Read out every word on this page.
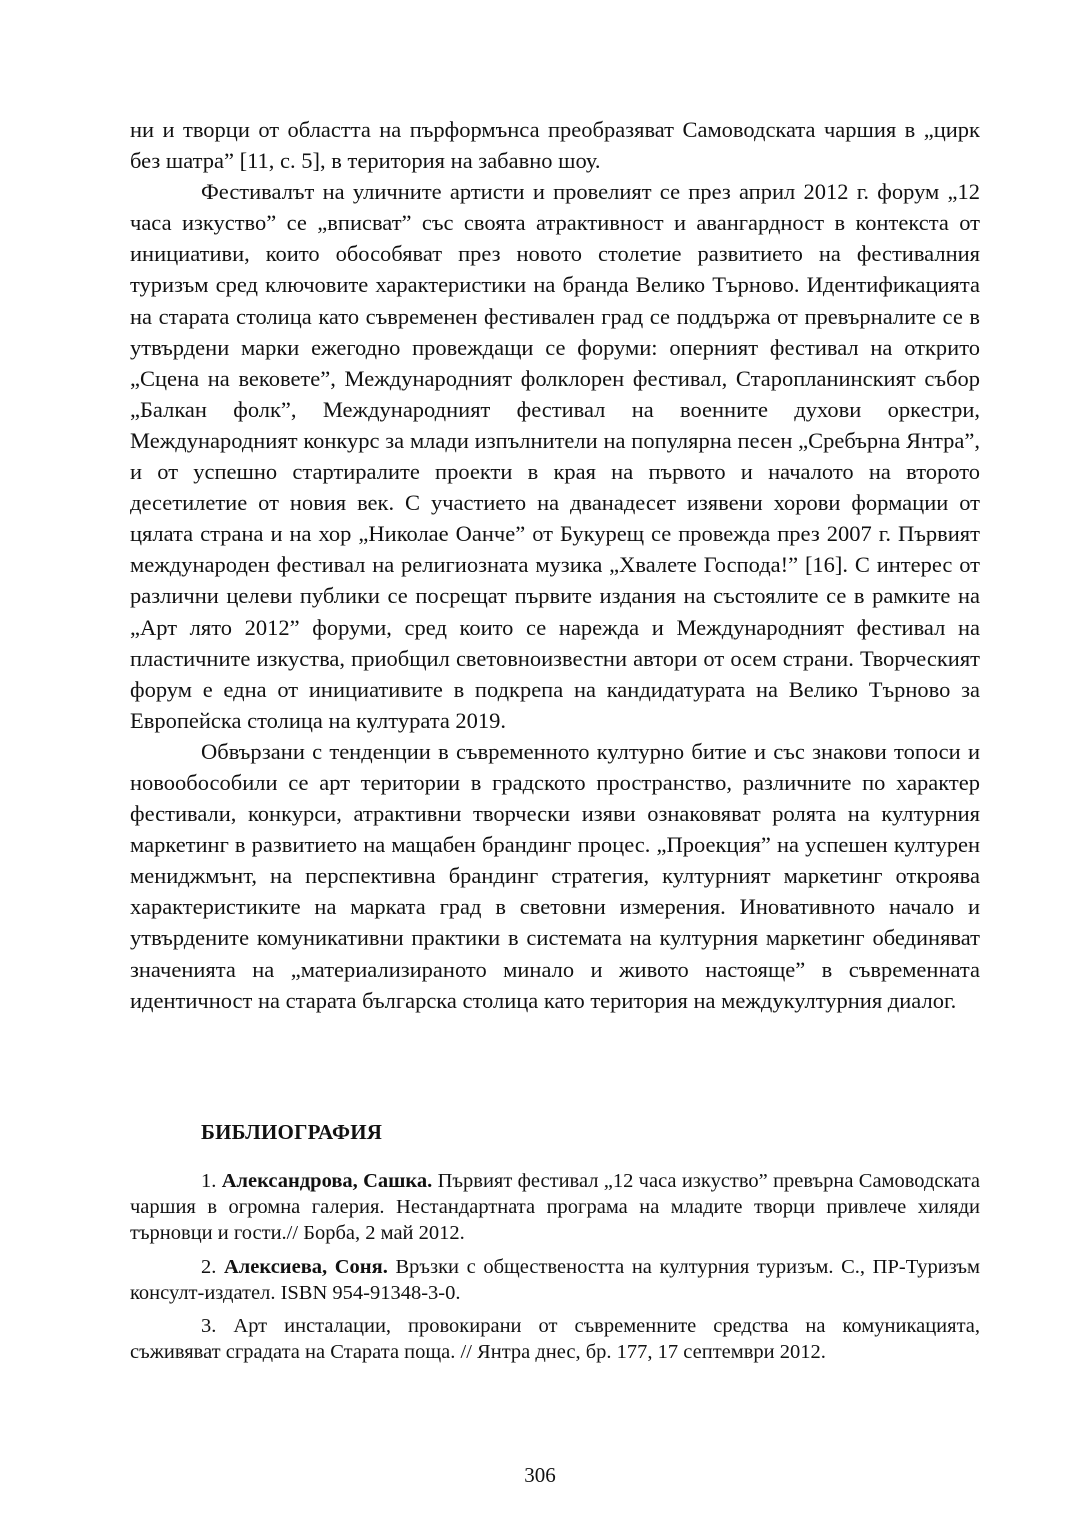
ни и творци от областта на пърформънса преобразяват Самоводската чаршия в „цирк без шатра” [11, с. 5], в територия на забавно шоу.

Фестивалът на уличните артисти и провелият се през април 2012 г. форум „12 часа изкуство” се „вписват” със своята атрактивност и авангардност в контекста от инициативи, които обособяват през новото столетие развитието на фестивалния туризъм сред ключовите характеристики на бранда Велико Търново. Идентификацията на старата столица като съвременен фестивален град се поддържа от превърналите се в утвърдени марки ежегодно провеждащи се форуми: оперният фестивал на открито „Сцена на вековете”, Международният фолклорен фестивал, Старопланинският събор „Балкан фолк”, Международният фестивал на военните духови оркестри, Международният конкурс за млади изпълнители на популярна песен „Сребърна Янтра”, и от успешно стартиралите проекти в края на първото и началото на второто десетилетие от новия век. С участието на дванадесет изявени хорови формации от цялата страна и на хор „Николае Оанче” от Букурещ се провежда през 2007 г. Първият международен фестивал на религиозната музика „Хвалете Господа!” [16]. С интерес от различни целеви публики се посрещат първите издания на състоялите се в рамките на „Арт лято 2012” форуми, сред които се нарежда и Международният фестивал на пластичните изкуства, приобщил световноизвестни автори от осем страни. Творческият форум е една от инициативите в подкрепа на кандидатурата на Велико Търново за Европейска столица на културата 2019.

Обвързани с тенденции в съвременното културно битие и със знакови топоси и новообособили се арт територии в градското пространство, различните по характер фестивали, конкурси, атрактивни творчески изяви ознаковяват ролята на културния маркетинг в развитието на мащабен брандинг процес. „Проекция” на успешен културен мениджмънт, на перспективна брандинг стратегия, културният маркетинг откроява характеристиките на марката град в световни измерения. Иновативното начало и утвърдените комуникативни практики в системата на културния маркетинг обединяват значенията на „материализираното минало и живото настояще” в съвременната идентичност на старата българска столица като територия на междукултурния диалог.

БИБЛИОГРАФИЯ
1. Александрова, Сашка. Първият фестивал „12 часа изкуство” превърна Самоводската чаршия в огромна галерия. Нестандартната програма на младите творци привлече хиляди търновци и гости.// Борба, 2 май 2012.
2. Алексиева, Соня. Връзки с обществеността на културния туризъм. С., ПР-Туризъм консулт-издател. ISBN 954-91348-3-0.
3. Арт инсталации, провокирани от съвременните средства на комуникацията, съживяват сградата на Старата поща. // Янтра днес, бр. 177, 17 септември 2012.
306
